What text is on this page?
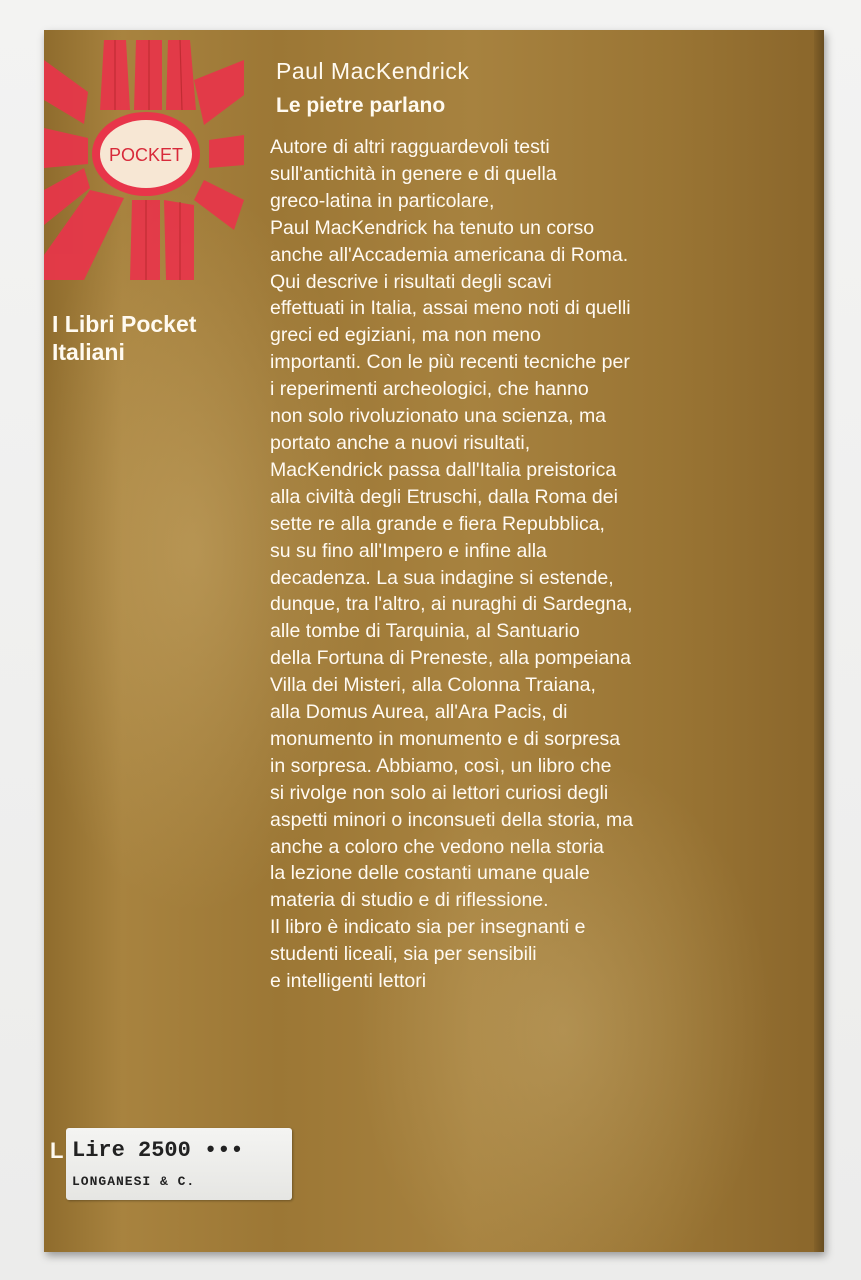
POCKET

Paul MacKendrick

Le pietre parlano

I Libri Pocket
Italiani

Autore di altri ragguardevoli testi
sull'antichità in genere e di quella
greco-latina in particolare,
Paul MacKendrick ha tenuto un corso
anche all'Accademia americana di Roma.
Qui descrive i risultati degli scavi
effettuati in Italia, assai meno noti di quelli
greci ed egiziani, ma non meno
importanti. Con le più recenti tecniche per
i reperimenti archeologici, che hanno
non solo rivoluzionato una scienza, ma
portato anche a nuovi risultati,
MacKendrick passa dall'Italia preistorica
alla civiltà degli Etruschi, dalla Roma dei
sette re alla grande e fiera Repubblica,
su su fino all'Impero e infine alla
decadenza. La sua indagine si estende,
dunque, tra l'altro, ai nuraghi di Sardegna,
alle tombe di Tarquinia, al Santuario
della Fortuna di Preneste, alla pompeiana
Villa dei Misteri, alla Colonna Traiana,
alla Domus Aurea, all'Ara Pacis, di
monumento in monumento e di sorpresa
in sorpresa. Abbiamo, così, un libro che
si rivolge non solo ai lettori curiosi degli
aspetti minori o inconsueti della storia, ma
anche a coloro che vedono nella storia
la lezione delle costanti umane quale
materia di studio e di riflessione.
Il libro è indicato sia per insegnanti e
studenti liceali, sia per sensibili
e intelligenti lettori
L Lire 2500 •••

LONGANESI & C.
